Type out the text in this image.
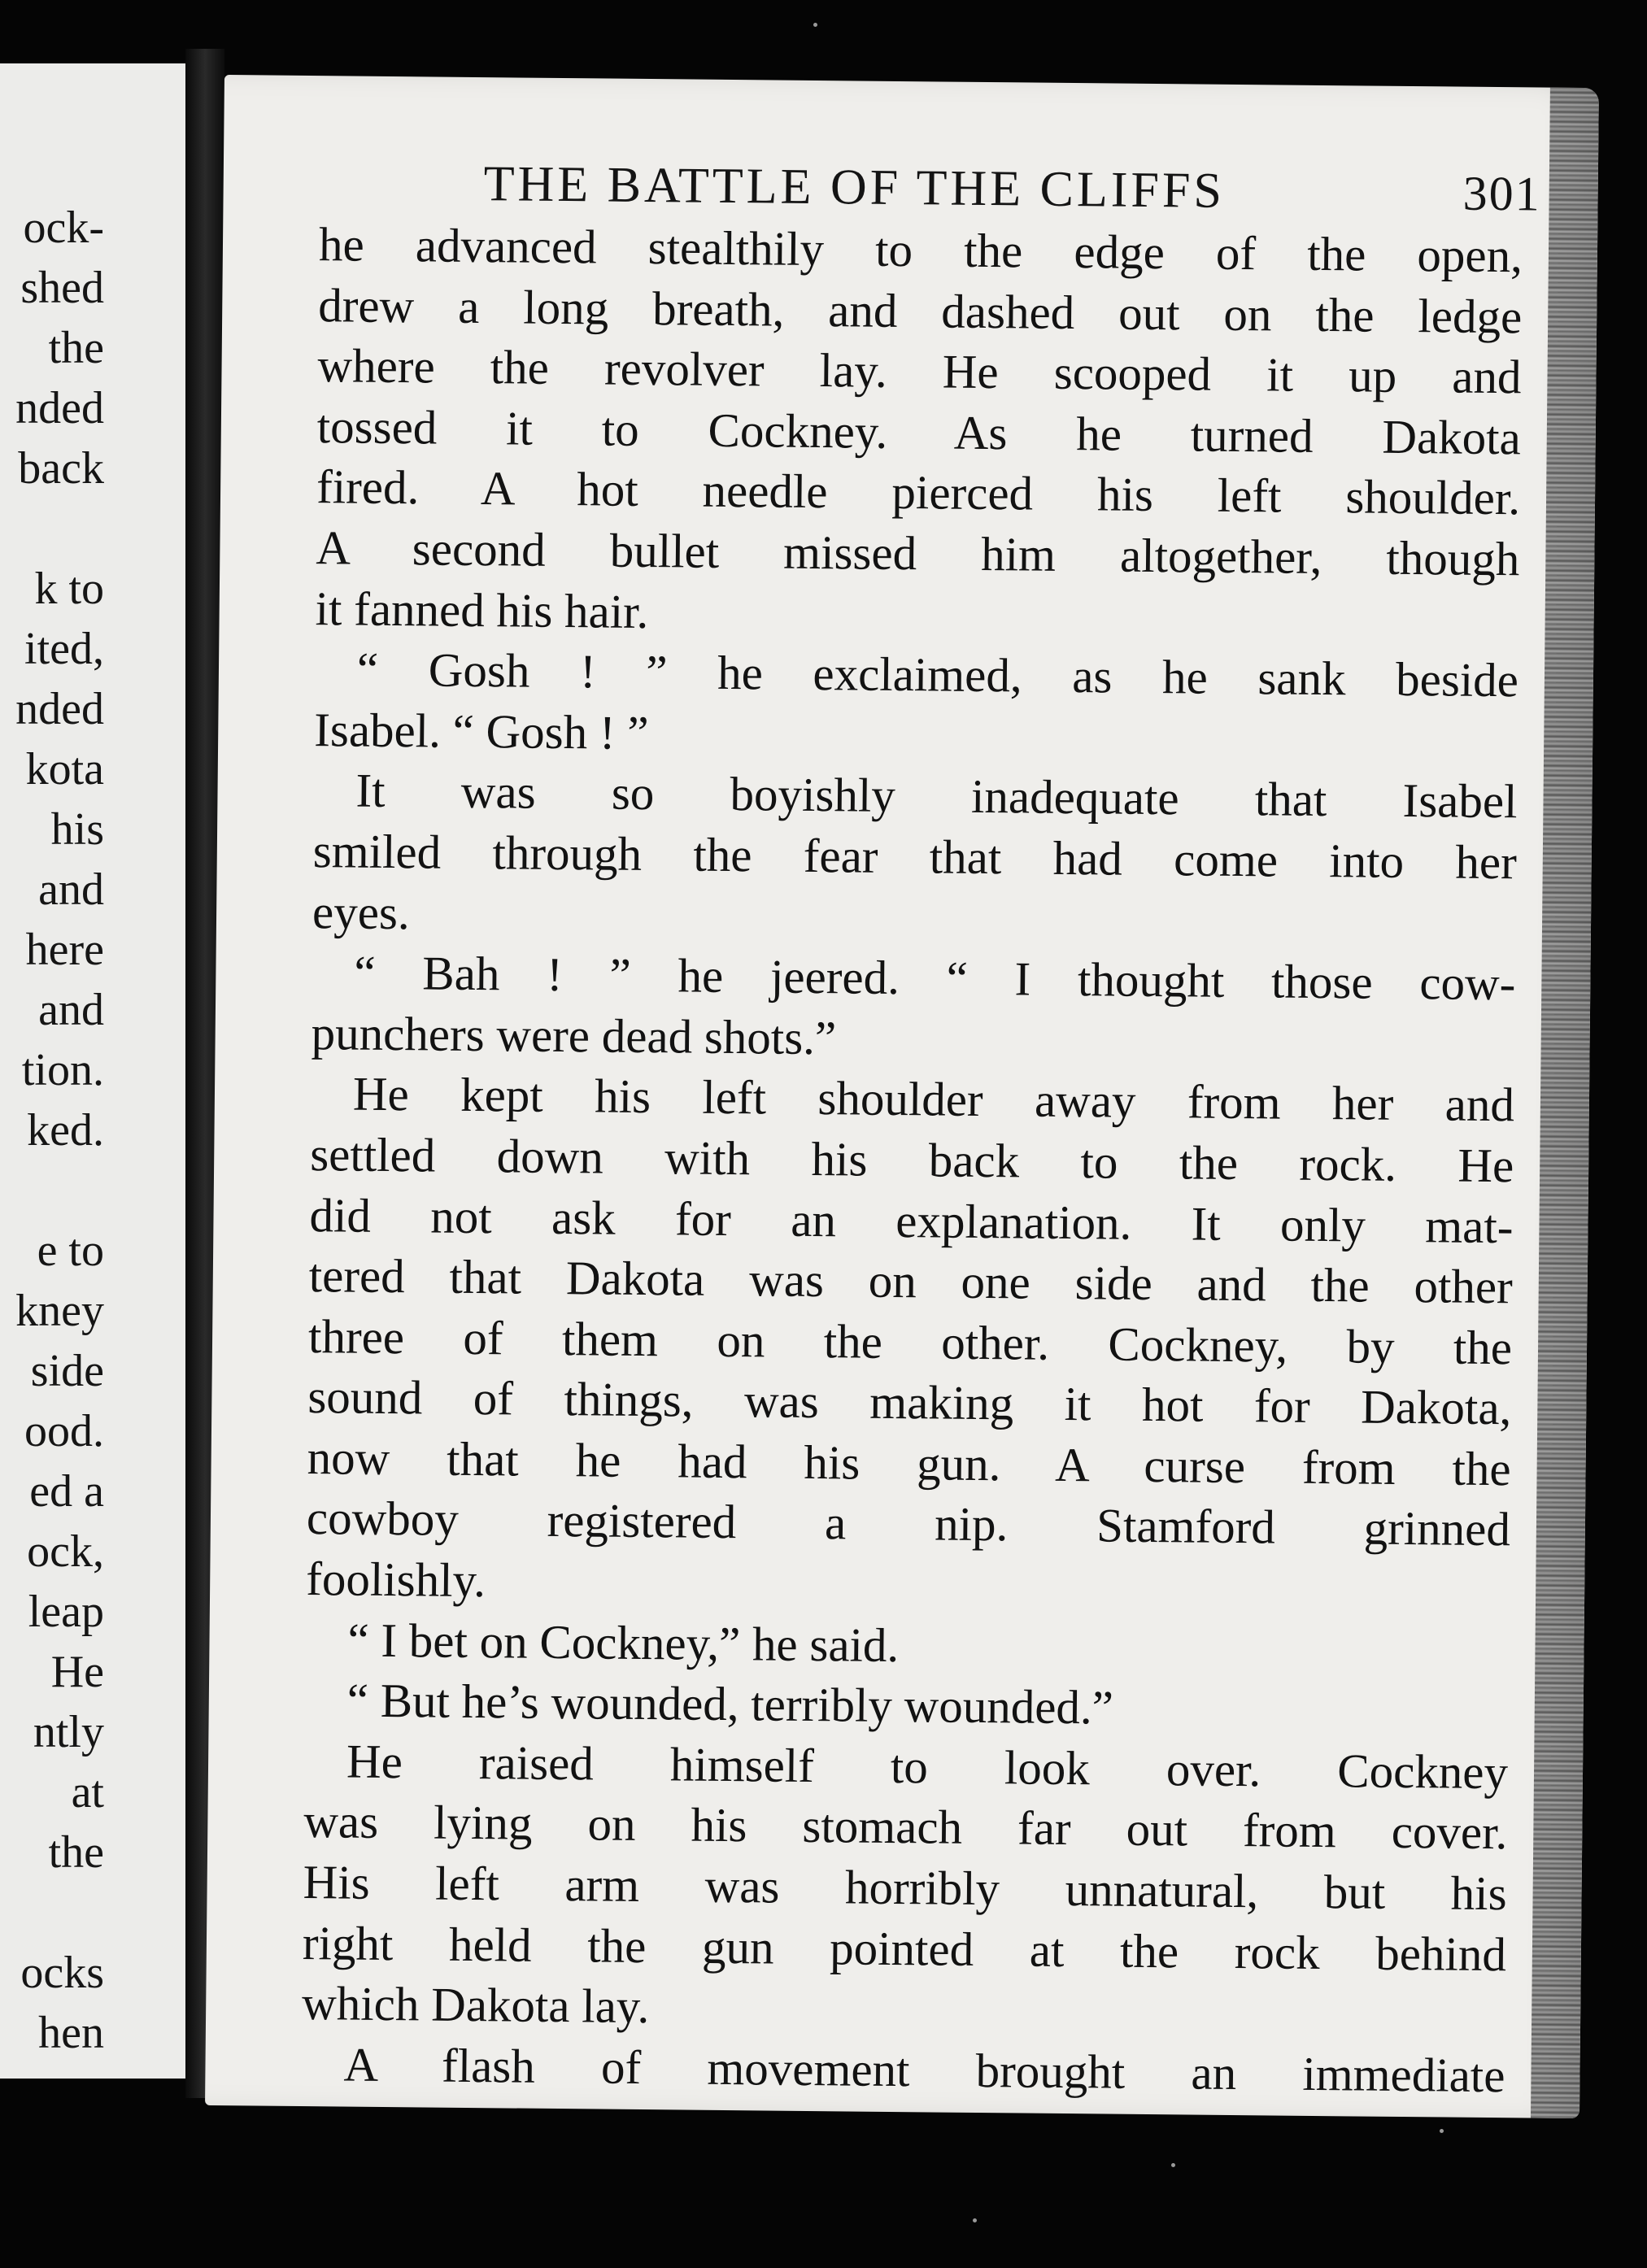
ock-
shed
the
nded
back
k to
ited,
nded
kota
his
and
here
and
tion.
ked.
e to
kney
side
ood.
ed a
ock,
leap
He
ntly
at
the
ocks
hen
THE BATTLE OF THE CLIFFS	301
he advanced stealthily to the edge of the open,
drew a long breath, and dashed out on the ledge
where the revolver lay. He scooped it up and
tossed it to Cockney. As he turned Dakota
fired. A hot needle pierced his left shoulder.
A second bullet missed him altogether, though
it fanned his hair.
“ Gosh ! ” he exclaimed, as he sank beside
Isabel. “ Gosh ! ”
It was so boyishly inadequate that Isabel
smiled through the fear that had come into her
eyes.
“ Bah ! ” he jeered. “ I thought those cow-
punchers were dead shots.”
He kept his left shoulder away from her and
settled down with his back to the rock. He
did not ask for an explanation. It only mat-
tered that Dakota was on one side and the other
three of them on the other. Cockney, by the
sound of things, was making it hot for Dakota,
now that he had his gun. A curse from the
cowboy registered a nip. Stamford grinned
foolishly.
“ I bet on Cockney,” he said.
“ But he’s wounded, terribly wounded.”
He raised himself to look over. Cockney
was lying on his stomach far out from cover.
His left arm was horribly unnatural, but his
right held the gun pointed at the rock behind
which Dakota lay.
A flash of movement brought an immediate
